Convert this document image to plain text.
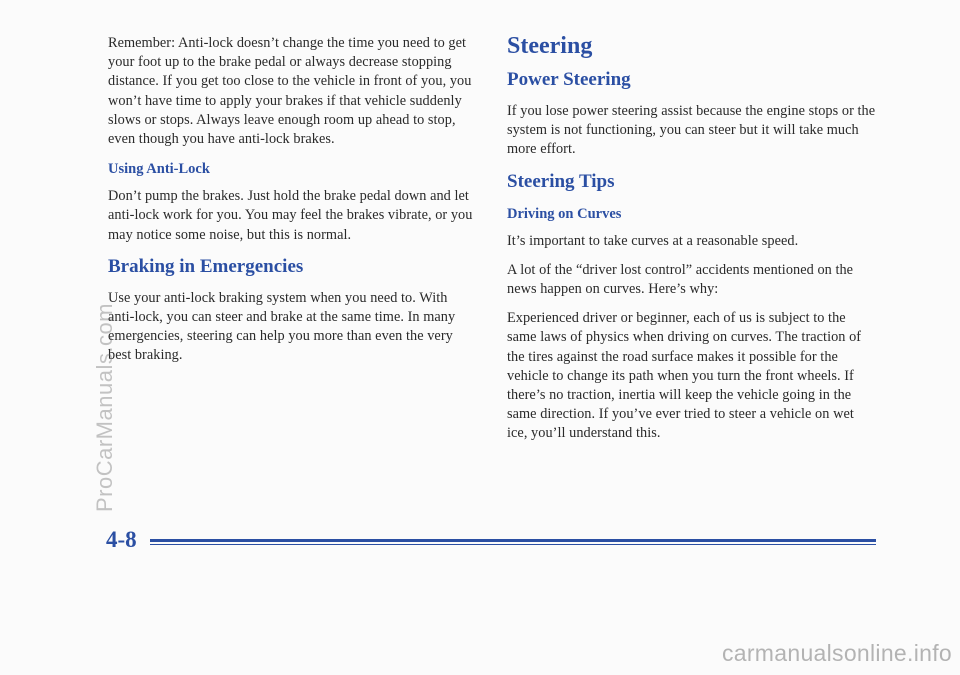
Remember: Anti-lock doesn’t change the time you need to get your foot up to the brake pedal or always decrease stopping distance. If you get too close to the vehicle in front of you, you won’t have time to apply your brakes if that vehicle suddenly slows or stops. Always leave enough room up ahead to stop, even though you have anti-lock brakes.

Using Anti-Lock

Don’t pump the brakes. Just hold the brake pedal down and let anti-lock work for you. You may feel the brakes vibrate, or you may notice some noise, but this is normal.

Braking in Emergencies

Use your anti-lock braking system when you need to. With anti-lock, you can steer and brake at the same time. In many emergencies, steering can help you more than even the very best braking.

Steering
Power Steering

If you lose power steering assist because the engine stops or the system is not functioning, you can steer but it will take much more effort.

Steering Tips
Driving on Curves

It’s important to take curves at a reasonable speed.

A lot of the “driver lost control” accidents mentioned on the news happen on curves. Here’s why:

Experienced driver or beginner, each of us is subject to the same laws of physics when driving on curves. The traction of the tires against the road surface makes it possible for the vehicle to change its path when you turn the front wheels. If there’s no traction, inertia will keep the vehicle going in the same direction. If you’ve ever tried to steer a vehicle on wet ice, you’ll understand this.

4-8
ProCarManuals.com
carmanualsonline.info
